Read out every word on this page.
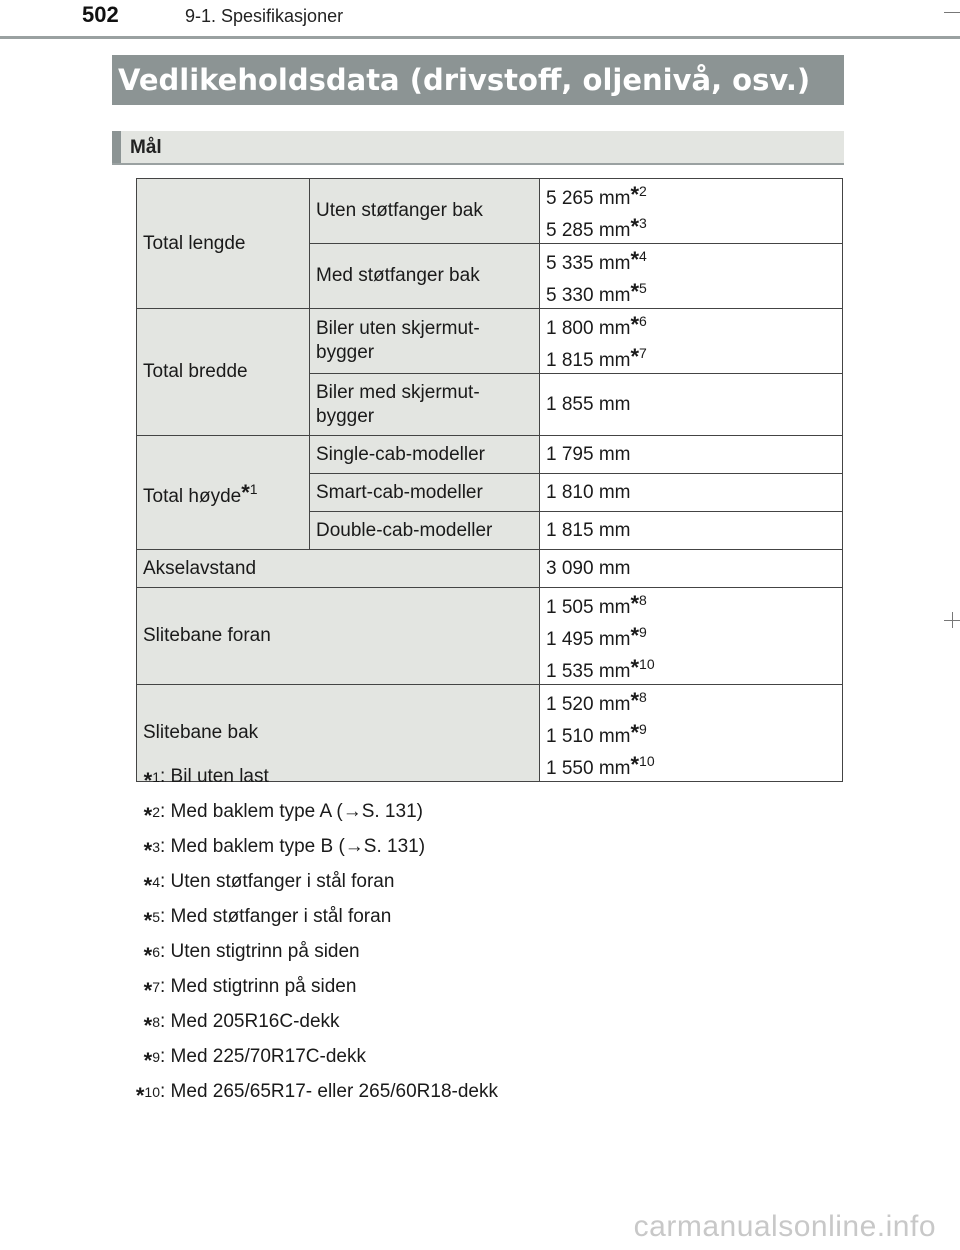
502	9-1. Spesifikasjoner
Vedlikeholdsdata (drivstoff, oljenivå, osv.)
Mål
Total lengde	Uten støtfanger bak	5 265 mm*$^2$
5 285 mm*$^3$
	Med støtfanger bak	5 335 mm*$^4$
5 330 mm*$^5$
Total bredde	Biler uten skjermut-
bygger	1 800 mm*$^6$
1 815 mm*$^7$
	Biler med skjermut-
bygger	1 855 mm
Total høyde*$^1$	Single-cab-modeller	1 795 mm
	Smart-cab-modeller	1 810 mm
	Double-cab-modeller	1 815 mm
Akselavstand		3 090 mm
Slitebane foran		1 505 mm*$^8$
1 495 mm*$^9$
1 535 mm*$^{10}$
Slitebane bak		1 520 mm*$^8$
1 510 mm*$^9$
1 550 mm*$^{10}$
*$^1$ : Bil uten last
*$^2$ : Med baklem type A (→S. 131)
*$^3$ : Med baklem type B (→S. 131)
*$^4$ : Uten støtfanger i stål foran
*$^5$ : Med støtfanger i stål foran
*$^6$ : Uten stigtrinn på siden
*$^7$ : Med stigtrinn på siden
*$^8$ : Med 205R16C-dekk
*$^9$ : Med 225/70R17C-dekk
*$^{10}$ : Med 265/65R17- eller 265/60R18-dekk
carmanualsonline.info
